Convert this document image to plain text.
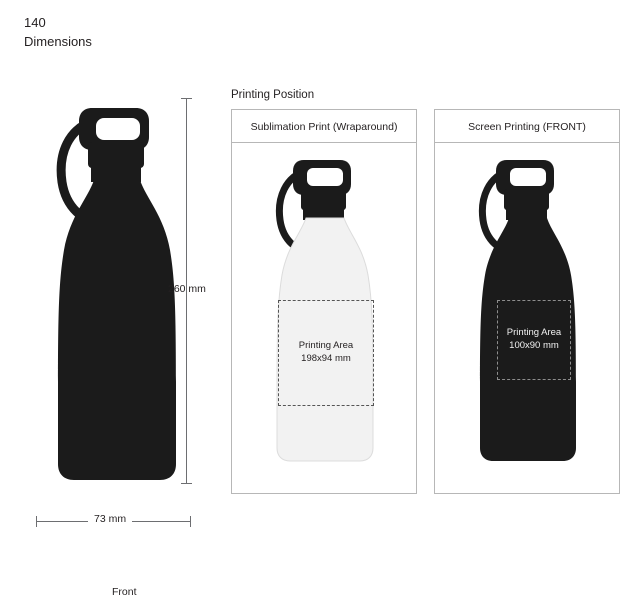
140
Dimensions
Front
260 mm
73 mm
Printing Position
Sublimation Print (Wraparound)
Printing Area
198x94 mm
Screen Printing (FRONT)
Printing Area
100x90 mm
